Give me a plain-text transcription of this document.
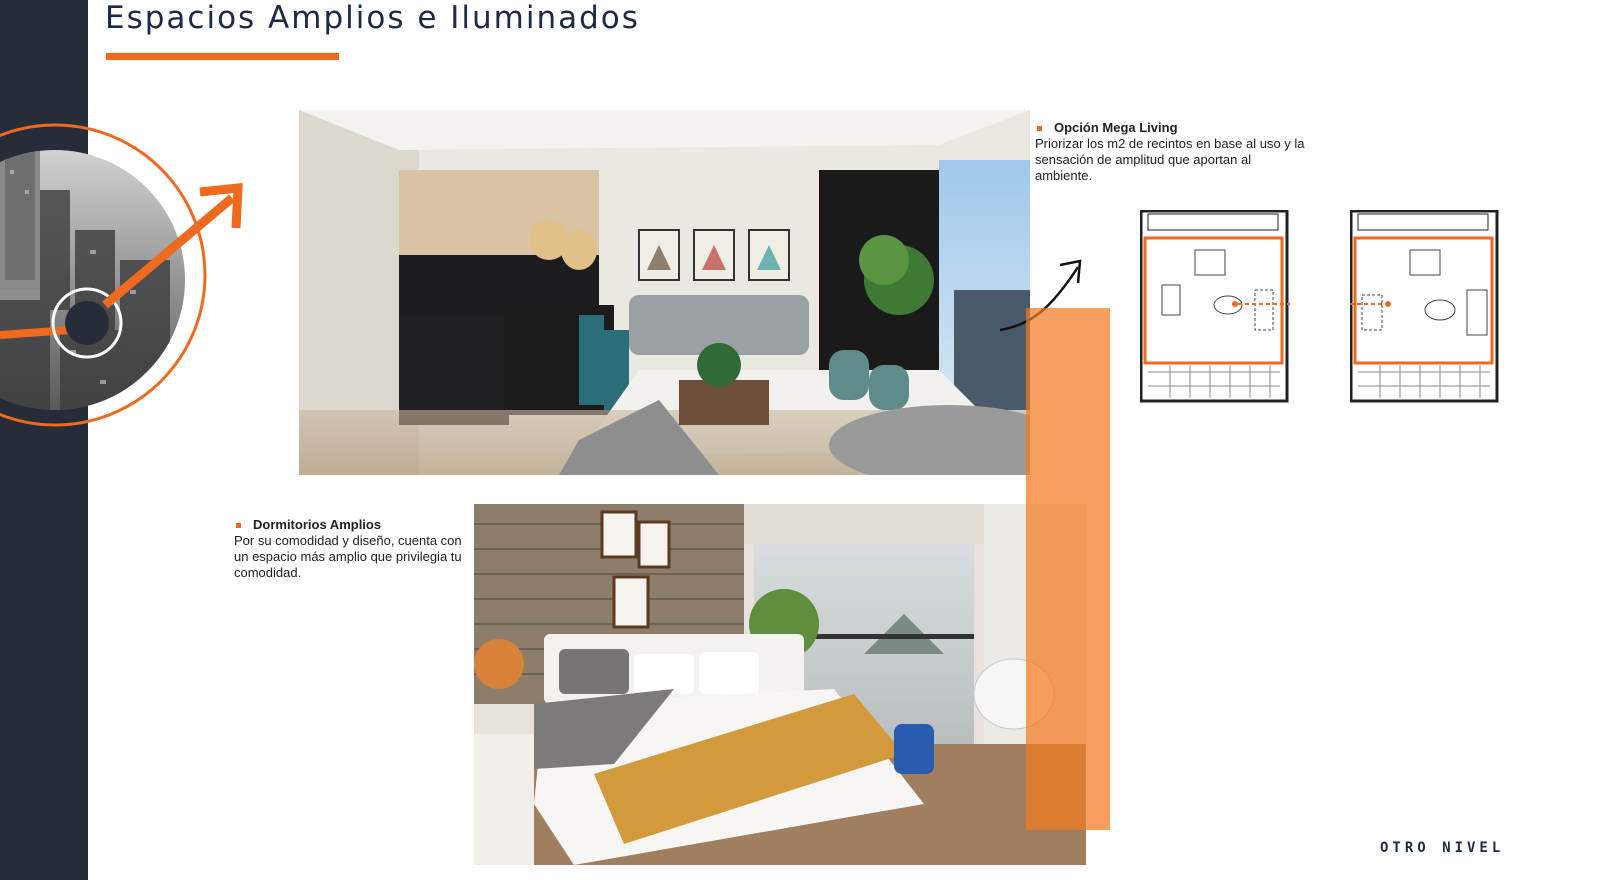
Espacios Amplios e Iluminados
Opción Mega Living
Priorizar los m2 de recintos en base al uso y la sensación de amplitud que aportan al ambiente.
Dormitorios Amplios
Por su comodidad y diseño, cuenta con un espacio más amplio que privilegia tu comodidad.
OTRO NIVEL
